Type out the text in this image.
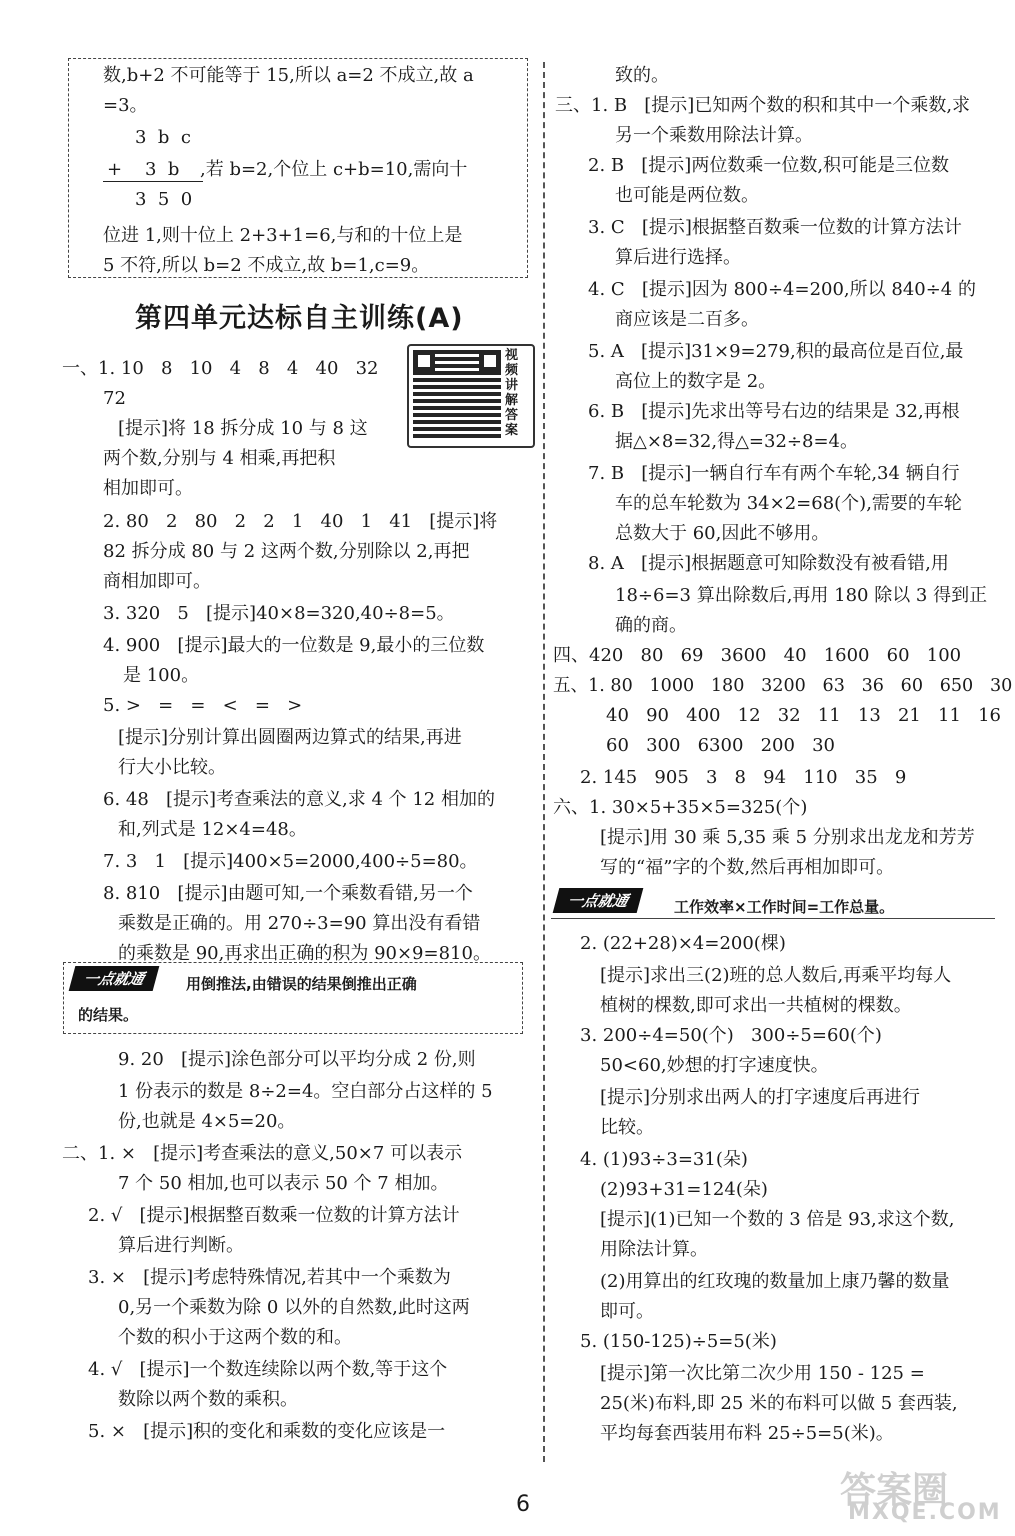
数,b+2 不可能等于 15,所以 a=2 不成立,故 a
=3。
3  b  c
+    3  b ,若 b=2,个位上 c+b=10,需向十
3  5  0
位进 1,则十位上 2+3+1=6,与和的十位上是
5 不符,所以 b=2 不成立,故 b=1,c=9。
第四单元达标自主训练(A)
视频讲解答案
一点就通	用倒推法,由错误的结果倒推出正确
的结果。
一点就通	工作效率×工作时间=工作总量。
6	答案圈
MXQE.COM
一、1. 10   8   10   4   8   4   40   32
72
[提示]将 18 拆分成 10 与 8 这
两个数,分别与 4 相乘,再把积
相加即可。
2. 80   2   80   2   2   1   40   1   41   [提示]将
82 拆分成 80 与 2 这两个数,分别除以 2,再把
商相加即可。
3. 320   5   [提示]40×8=320,40÷8=5。
4. 900   [提示]最大的一位数是 9,最小的三位数
是 100。
5. >   =   =   <   =   >
[提示]分别计算出圆圈两边算式的结果,再进
行大小比较。
6. 48   [提示]考查乘法的意义,求 4 个 12 相加的
和,列式是 12×4=48。
7. 3   1   [提示]400×5=2000,400÷5=80。
8. 810   [提示]由题可知,一个乘数看错,另一个
乘数是正确的。用 270÷3=90 算出没有看错
的乘数是 90,再求出正确的积为 90×9=810。
9. 20   [提示]涂色部分可以平均分成 2 份,则
1 份表示的数是 8÷2=4。空白部分占这样的 5
份,也就是 4×5=20。
二、1. ×   [提示]考查乘法的意义,50×7 可以表示
7 个 50 相加,也可以表示 50 个 7 相加。
2. √   [提示]根据整百数乘一位数的计算方法计
算后进行判断。
3. ×   [提示]考虑特殊情况,若其中一个乘数为
0,另一个乘数为除 0 以外的自然数,此时这两
个数的积小于这两个数的和。
4. √   [提示]一个数连续除以两个数,等于这个
数除以两个数的乘积。
5. ×   [提示]积的变化和乘数的变化应该是一
致的。
三、1. B   [提示]已知两个数的积和其中一个乘数,求
另一个乘数用除法计算。
2. B   [提示]两位数乘一位数,积可能是三位数
也可能是两位数。
3. C   [提示]根据整百数乘一位数的计算方法计
算后进行选择。
4. C   [提示]因为 800÷4=200,所以 840÷4 的
商应该是二百多。
5. A   [提示]31×9=279,积的最高位是百位,最
高位上的数字是 2。
6. B   [提示]先求出等号右边的结果是 32,再根
据△×8=32,得△=32÷8=4。
7. B   [提示]一辆自行车有两个车轮,34 辆自行
车的总车轮数为 34×2=68(个),需要的车轮
总数大于 60,因此不够用。
8. A   [提示]根据题意可知除数没有被看错,用
18÷6=3 算出除数后,再用 180 除以 3 得到正
确的商。
四、420   80   69   3600   40   1600   60   100
五、1. 80   1000   180   3200   63   36   60   650   30
40   90   400   12   32   11   13   21   11   16
60   300   6300   200   30
2. 145   905   3   8   94   110   35   9
六、1. 30×5+35×5=325(个)
[提示]用 30 乘 5,35 乘 5 分别求出龙龙和芳芳
写的“福”字的个数,然后再相加即可。
2. (22+28)×4=200(棵)
[提示]求出三(2)班的总人数后,再乘平均每人
植树的棵数,即可求出一共植树的棵数。
3. 200÷4=50(个)   300÷5=60(个)
50<60,妙想的打字速度快。
[提示]分别求出两人的打字速度后再进行
比较。
4. (1)93÷3=31(朵)
(2)93+31=124(朵)
[提示](1)已知一个数的 3 倍是 93,求这个数,
用除法计算。
(2)用算出的红玫瑰的数量加上康乃馨的数量
即可。
5. (150-125)÷5=5(米)
[提示]第一次比第二次少用 150 - 125 =
25(米)布料,即 25 米的布料可以做 5 套西装,
平均每套西装用布料 25÷5=5(米)。
